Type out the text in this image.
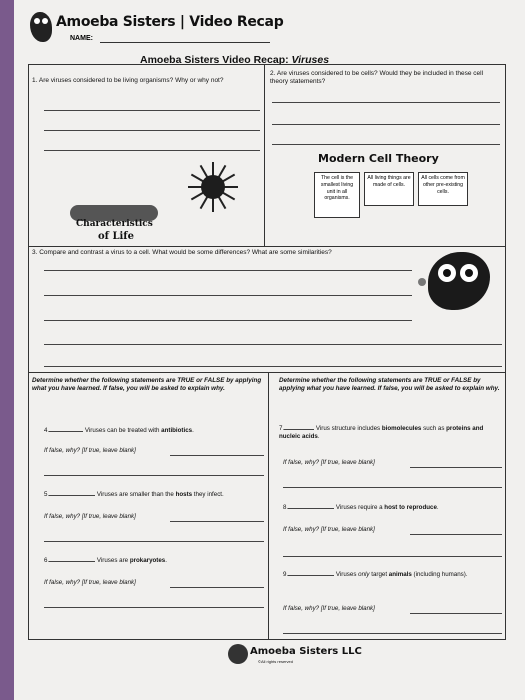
Amoeba Sisters | Video Recap
NAME:
Amoeba Sisters Video Recap: Viruses
1. Are viruses considered to be living organisms? Why or why not?
2. Are viruses considered to be cells? Would they be included in these cell theory statements?
Modern Cell Theory
The cell is the smallest living unit in all organisms.
All living things are made of cells.
All cells come from other pre-existing cells.
Characteristics
of Life
3. Compare and contrast a virus to a cell. What would be some differences? What are some similarities?
Determine whether the following statements are TRUE or FALSE by applying what you have learned. If false, you will be asked to explain why.
4.	Viruses can be treated with antibiotics.
If false, why? [If true, leave blank]
5.	Viruses are smaller than the hosts they infect.
If false, why? [If true, leave blank]
6.	Viruses are prokaryotes.
If false, why? [If true, leave blank]
Determine whether the following statements are TRUE or FALSE by applying what you have learned. If false, you will be asked to explain why.
7.	Virus structure includes biomolecules such as proteins and nucleic acids.
If false, why? [If true, leave blank]
8.	Viruses require a host to reproduce.
If false, why? [If true, leave blank]
9.	Viruses only target animals (including humans).
If false, why? [If true, leave blank]
Amoeba Sisters LLC
©All rights reserved
